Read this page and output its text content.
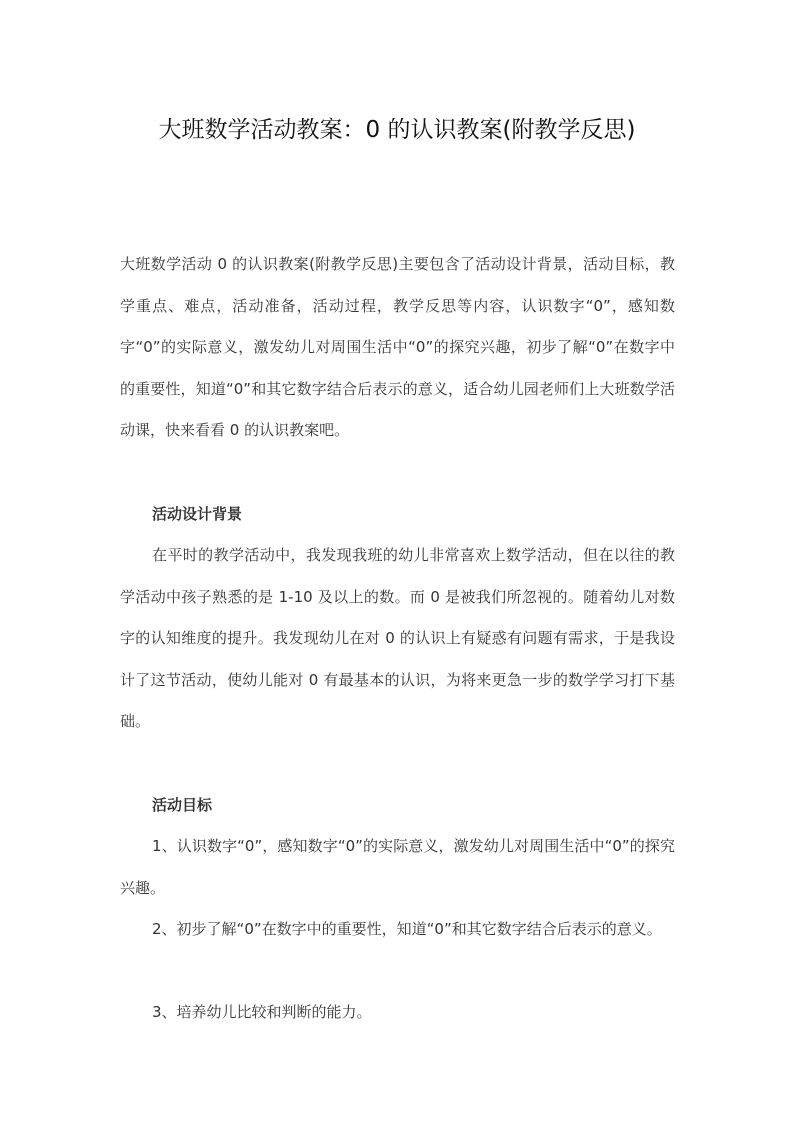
大班数学活动教案：0 的认识教案(附教学反思)

大班数学活动 0 的认识教案(附教学反思)主要包含了活动设计背景，活动目标，教学重点、难点，活动准备，活动过程，教学反思等内容，认识数字“0”，感知数字“0”的实际意义，激发幼儿对周围生活中“0”的探究兴趣，初步了解“0”在数字中的重要性，知道“0”和其它数字结合后表示的意义，适合幼儿园老师们上大班数学活动课，快来看看 0 的认识教案吧。

活动设计背景

在平时的教学活动中，我发现我班的幼儿非常喜欢上数学活动，但在以往的教学活动中孩子熟悉的是 1-10 及以上的数。而 0 是被我们所忽视的。随着幼儿对数字的认知维度的提升。我发现幼儿在对 0 的认识上有疑惑有问题有需求，于是我设计了这节活动，使幼儿能对 0 有最基本的认识，为将来更急一步的数学学习打下基础。

活动目标

1、认识数字“0”，感知数字“0”的实际意义，激发幼儿对周围生活中“0”的探究兴趣。

2、初步了解“0”在数字中的重要性，知道“0”和其它数字结合后表示的意义。

3、培养幼儿比较和判断的能力。
